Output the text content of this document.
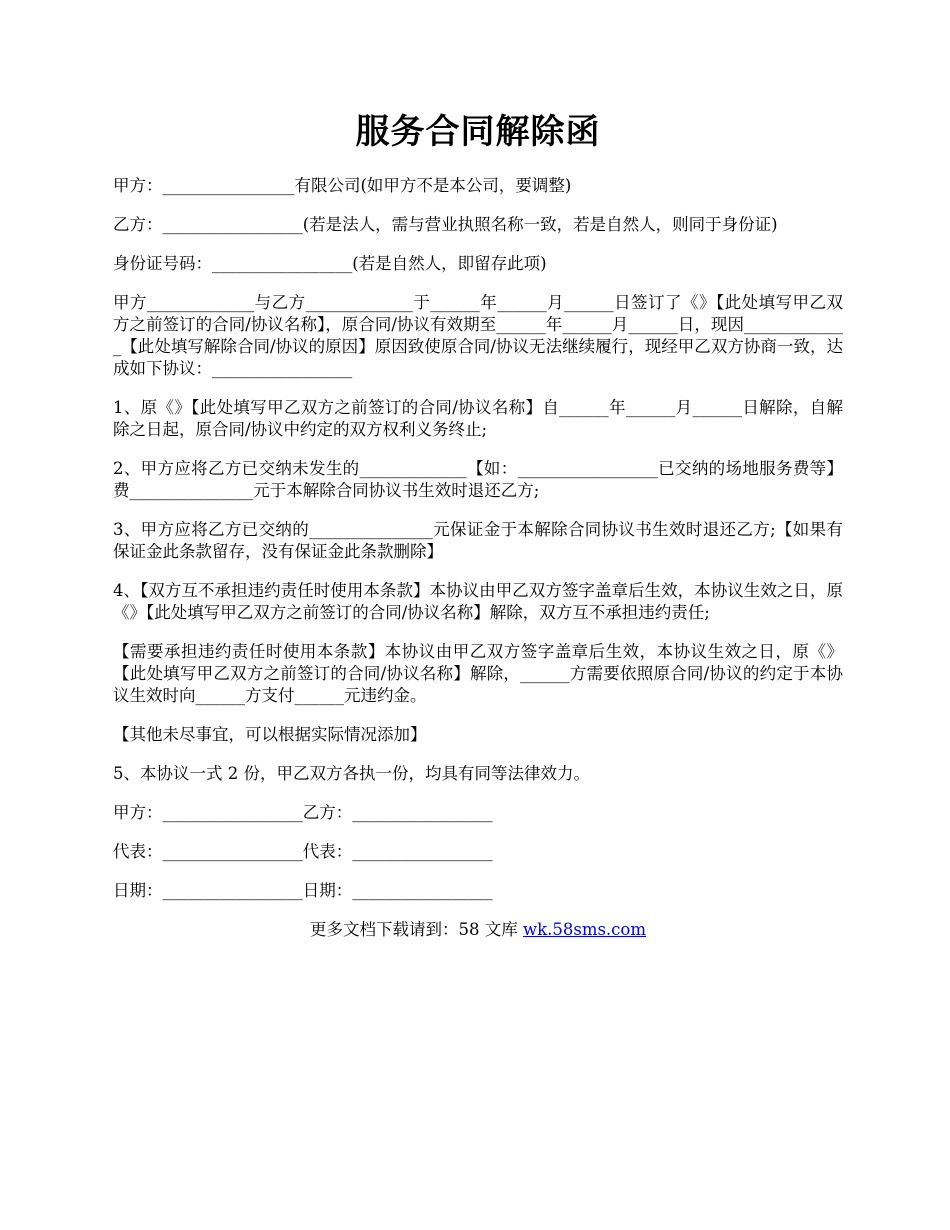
服务合同解除函

甲方：________________有限公司(如甲方不是本公司，要调整)

乙方：_________________(若是法人，需与营业执照名称一致，若是自然人，则同于身份证)

身份证号码：_________________(若是自然人，即留存此项)

甲方_____________与乙方_____________于______年______月______日签订了《》【此处填写甲乙双方之前签订的合同/协议名称】，原合同/协议有效期至______年______月______日，现因_____________【此处填写解除合同/协议的原因】原因致使原合同/协议无法继续履行，现经甲乙双方协商一致，达成如下协议：_________________

1、原《》【此处填写甲乙双方之前签订的合同/协议名称】自______年______月______日解除，自解除之日起，原合同/协议中约定的双方权利义务终止;

2、甲方应将乙方已交纳未发生的_____________【如：_________________已交纳的场地服务费等】费_______________元于本解除合同协议书生效时退还乙方;

3、甲方应将乙方已交纳的_______________元保证金于本解除合同协议书生效时退还乙方;【如果有保证金此条款留存，没有保证金此条款删除】

4、【双方互不承担违约责任时使用本条款】本协议由甲乙双方签字盖章后生效，本协议生效之日，原《》【此处填写甲乙双方之前签订的合同/协议名称】解除，双方互不承担违约责任;

【需要承担违约责任时使用本条款】本协议由甲乙双方签字盖章后生效，本协议生效之日，原《》【此处填写甲乙双方之前签订的合同/协议名称】解除，______方需要依照原合同/协议的约定于本协议生效时向______方支付______元违约金。

【其他未尽事宜，可以根据实际情况添加】

5、本协议一式 2 份，甲乙双方各执一份，均具有同等法律效力。

甲方：_________________乙方：_________________

代表：_________________代表：_________________

日期：_________________日期：_________________

更多文档下载请到：58 文库 wk.58sms.com
